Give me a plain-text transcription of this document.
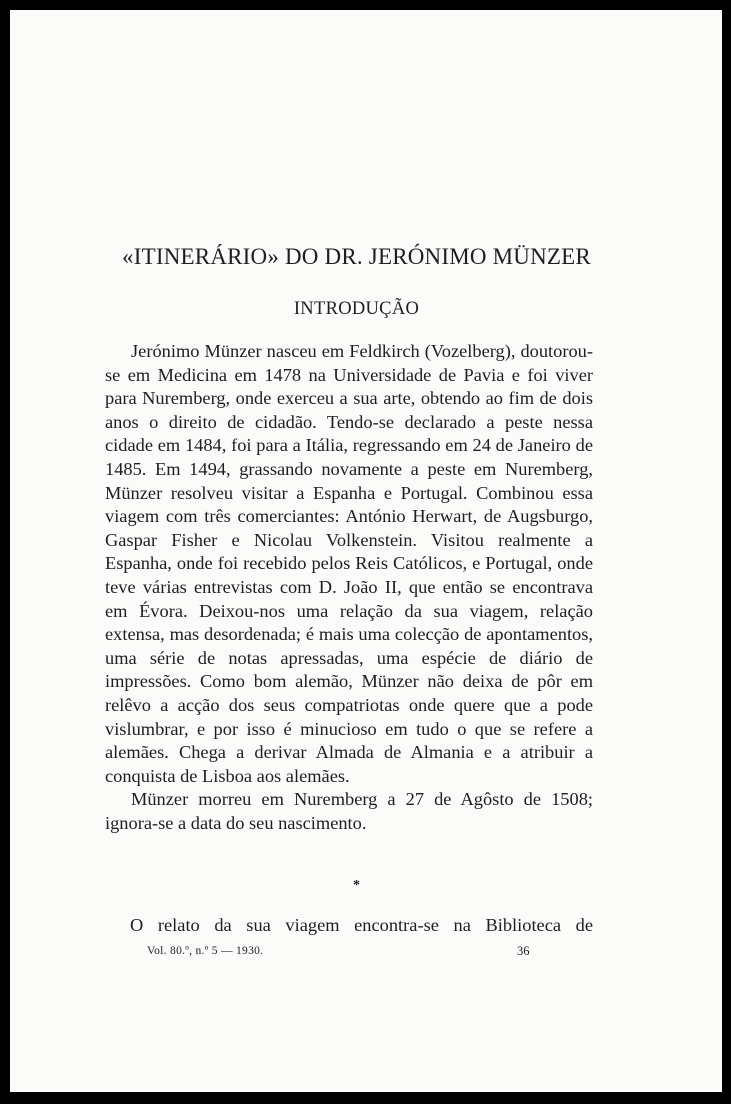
«ITINERÁRIO» DO DR. JERÓNIMO MÜNZER
INTRODUÇÃO

Jerónimo Münzer nasceu em Feldkirch (Vozelberg), doutorou-se em Medicina em 1478 na Universidade de Pavia e foi viver para Nuremberg, onde exerceu a sua arte, obtendo ao fim de dois anos o direito de cidadão. Tendo-se declarado a peste nessa cidade em 1484, foi para a Itália, regressando em 24 de Janeiro de 1485. Em 1494, grassando novamente a peste em Nuremberg, Münzer resolveu visitar a Espanha e Portugal. Combinou essa viagem com três comerciantes: António Herwart, de Augsburgo, Gaspar Fisher e Nicolau Volkenstein. Visitou realmente a Espanha, onde foi recebido pelos Reis Católicos, e Portugal, onde teve várias entrevistas com D. João II, que então se encontrava em Évora. Deixou-nos uma relação da sua viagem, relação extensa, mas desordenada; é mais uma colecção de apontamentos, uma série de notas apressadas, uma espécie de diário de impressões. Como bom alemão, Münzer não deixa de pôr em relêvo a acção dos seus compatriotas onde quere que a pode vislumbrar, e por isso é minucioso em tudo o que se refere a alemães. Chega a derivar Almada de Almania e a atribuir a conquista de Lisboa aos alemães.

Münzer morreu em Nuremberg a 27 de Agôsto de 1508; ignora-se a data do seu nascimento.

*
O relato da sua viagem encontra-se na Biblioteca de
Vol. 80.º, n.º 5 — 1930.	36
